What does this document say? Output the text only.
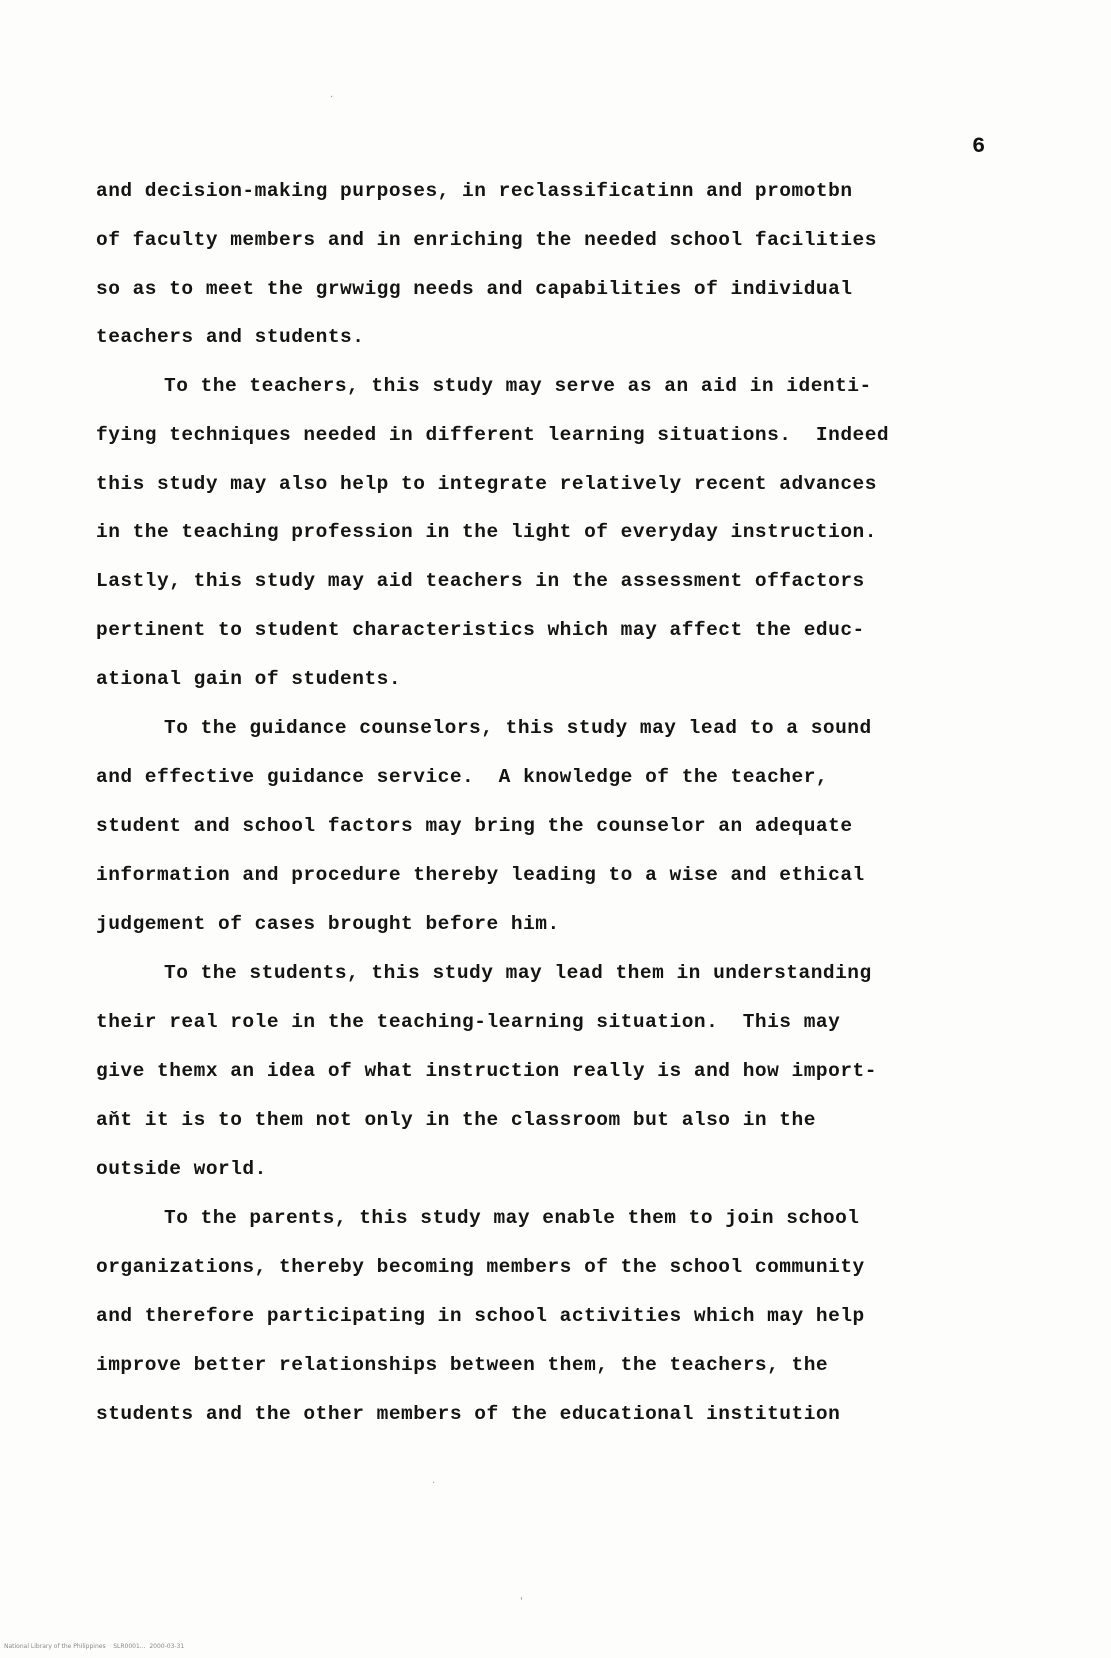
·
6
and decision-making purposes, in reclassificatinn and promotbn
of faculty members and in enriching the needed school facilities
so as to meet the grwwigg needs and capabilities of individual
teachers and students.
To the teachers, this study may serve as an aid in identi-
fying techniques needed in different learning situations.  Indeed
this study may also help to integrate relatively recent advances
in the teaching profession in the light of everyday instruction.
Lastly, this study may aid teachers in the assessment offactors
pertinent to student characteristics which may affect the educ-
ational gain of students.
To the guidance counselors, this study may lead to a sound
and effective guidance service.  A knowledge of the teacher,
student and school factors may bring the counselor an adequate
information and procedure thereby leading to a wise and ethical
judgement of cases brought before him.
To the students, this study may lead them in understanding
their real role in the teaching-learning situation.  This may
give themx an idea of what instruction really is and how import-
aňt it is to them not only in the classroom but also in the
outside world.
To the parents, this study may enable them to join school
organizations, thereby becoming members of the school community
and therefore participating in school activities which may help
improve better relationships between them, the teachers, the
students and the other members of the educational institution
·
'
National Library of the Philippines    SLR0001...  2000-03-31
